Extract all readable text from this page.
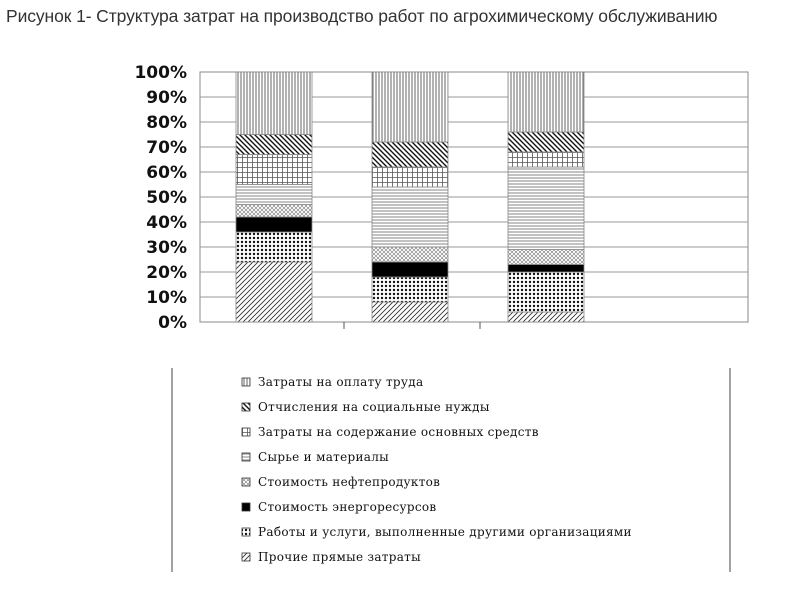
Рисунок 1- Структура затрат на производство работ по агрохимическому обслуживанию
0%
10%
20%
30%
40%
50%
60%
70%
80%
90%
100%
Затраты на оплату труда
Отчисления на социальные нужды
Затраты на содержание основных средств
Сырье и материалы
Стоимость нефтепродуктов
Стоимость энергоресурсов
Работы и услуги, выполненные другими организациями
Прочие прямые затраты
